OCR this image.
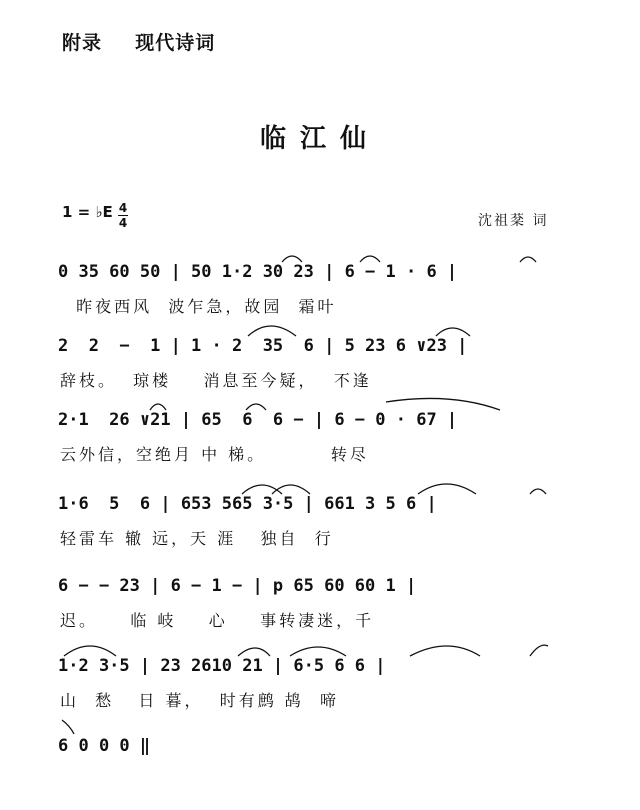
附录 现代诗词
临江仙
1 = ♭E 4
4	沈祖棻 词
0 35 60 50 | 50 1·2 30 23 | 6 − 1 · 6 |
昨夜西风  波乍急，故园  霜叶
2  2  −  1 | 1 · 2  35  6 | 5 23 6 ∨23 |
辞枝。  琼楼    消息至今疑，  不逢
2·1  26 ∨21 | 65  6  6 − | 6 − 0 · 67 |
云外信，空绝月 中 梯。        转尽
1·6  5  6 | 653 565 3·5 | 661 3 5 6 |
轻雷车 辙 远，天 涯   独自  行
6 − − 23 | 6 − 1 − | p 65 60 60 1 |
迟。    临 岐    心    事转凄迷，千
1·2 3·5 | 23 2610 21 | 6·5 6 6 |
山  愁   日 暮，  时有鹧 鸪  啼
6 0 0 0 ‖
